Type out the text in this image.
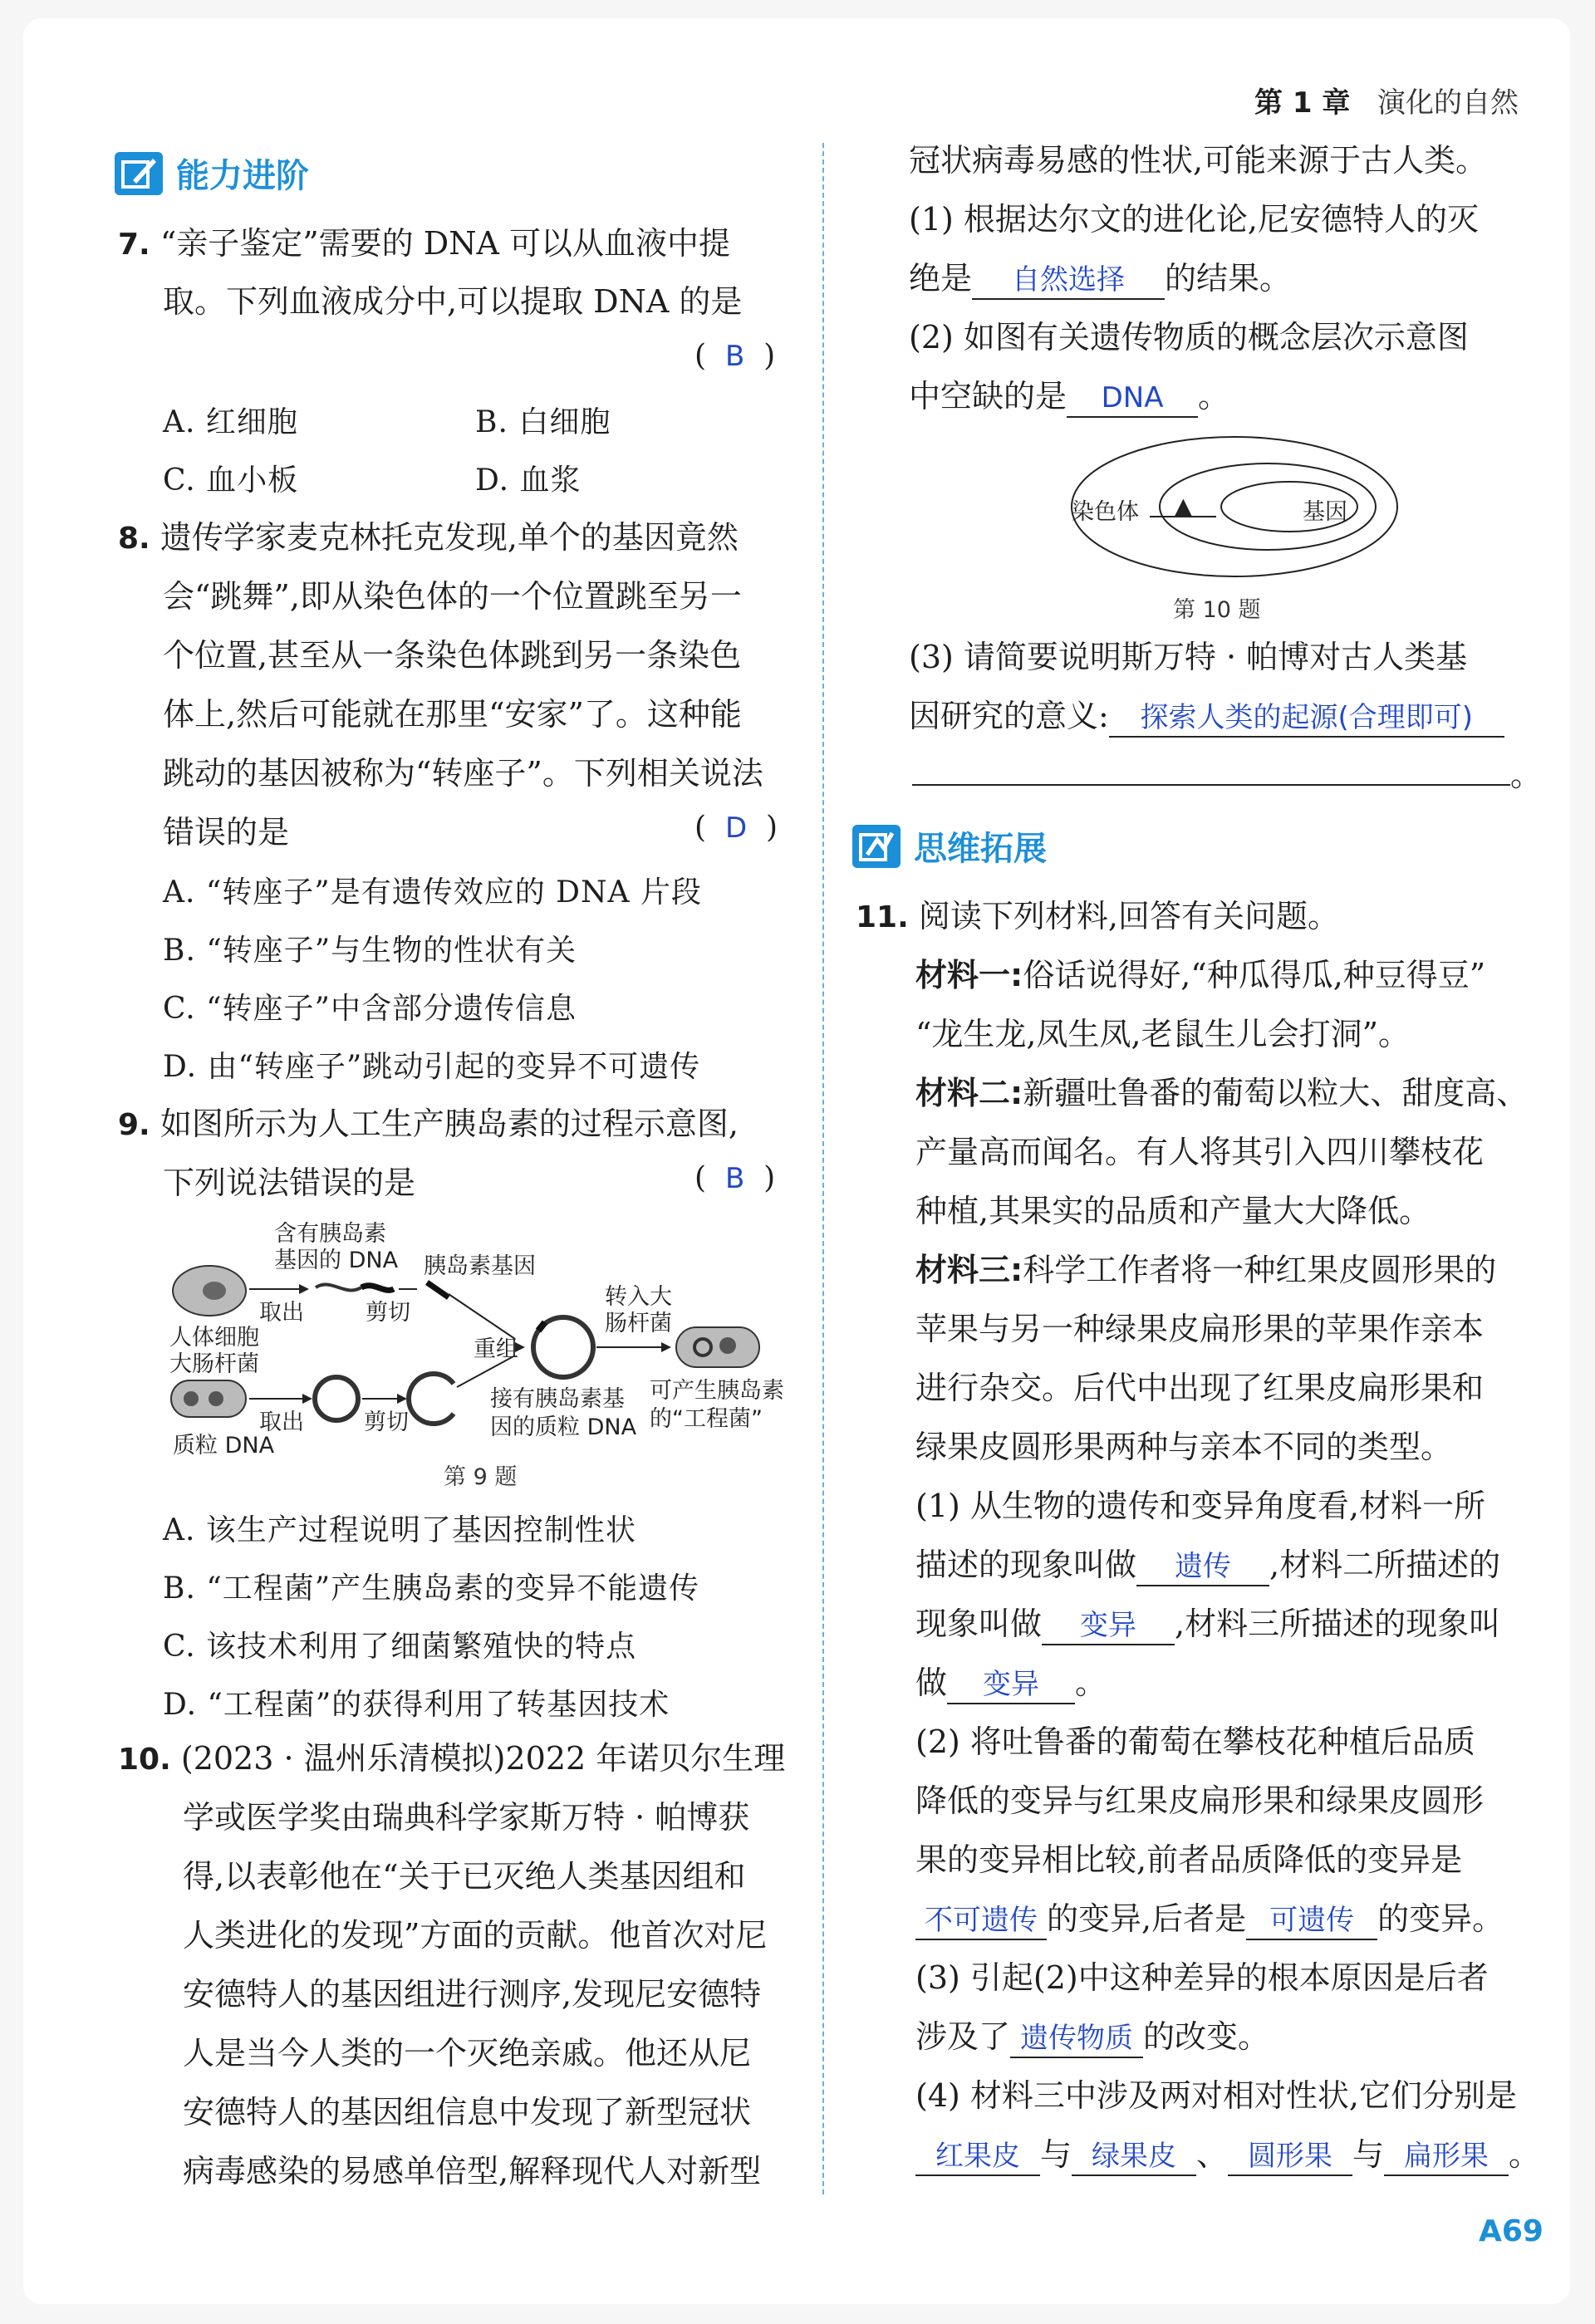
第 1 章 演化的自然
能力进阶
7. “亲子鉴定”需要的 DNA 可以从血液中提
取。下列血液成分中,可以提取 DNA 的是
( B )
A. 红细胞	B. 白细胞
C. 血小板	D. 血浆
8. 遗传学家麦克林托克发现,单个的基因竟然
会“跳舞”,即从染色体的一个位置跳至另一
个位置,甚至从一条染色体跳到另一条染色
体上,然后可能就在那里“安家”了。这种能
跳动的基因被称为“转座子”。下列相关说法
错误的是	( D )
A. “转座子”是有遗传效应的 DNA 片段
B. “转座子”与生物的性状有关
C. “转座子”中含部分遗传信息
D. 由“转座子”跳动引起的变异不可遗传
9. 如图所示为人工生产胰岛素的过程示意图,
下列说法错误的是	( B )
含有胰岛素
基因的 DNA 胰岛素基因
取出	剪切
人体细胞
大肠杆菌
取出	剪切
质粒 DNA
重组
转入大
肠杆菌
接有胰岛素基
因的质粒 DNA
可产生胰岛素
的“工程菌”
第 9 题
A. 该生产过程说明了基因控制性状
B. “工程菌”产生胰岛素的变异不能遗传
C. 该技术利用了细菌繁殖快的特点
D. “工程菌”的获得利用了转基因技术
10. (2023 · 温州乐清模拟)2022 年诺贝尔生理
学或医学奖由瑞典科学家斯万特 · 帕博获
得,以表彰他在“关于已灭绝人类基因组和
人类进化的发现”方面的贡献。他首次对尼
安德特人的基因组进行测序,发现尼安德特
人是当今人类的一个灭绝亲戚。他还从尼
安德特人的基因组信息中发现了新型冠状
病毒感染的易感单倍型,解释现代人对新型
冠状病毒易感的性状,可能来源于古人类。
(1) 根据达尔文的进化论,尼安德特人的灭
绝是 自然选择 的结果。
(2) 如图有关遗传物质的概念层次示意图
中空缺的是 DNA 。
染色体 ▲	基因
第 10 题
(3) 请简要说明斯万特 · 帕博对古人类基
因研究的意义: 探索人类的起源(合理即可)
。
思维拓展
11. 阅读下列材料,回答有关问题。
材料一:俗话说得好,“种瓜得瓜,种豆得豆”
“龙生龙,凤生凤,老鼠生儿会打洞”。
材料二:新疆吐鲁番的葡萄以粒大、甜度高、
产量高而闻名。有人将其引入四川攀枝花
种植,其果实的品质和产量大大降低。
材料三:科学工作者将一种红果皮圆形果的
苹果与另一种绿果皮扁形果的苹果作亲本
进行杂交。后代中出现了红果皮扁形果和
绿果皮圆形果两种与亲本不同的类型。
(1) 从生物的遗传和变异角度看,材料一所
描述的现象叫做 遗传 ,材料二所描述的
现象叫做 变异 ,材料三所描述的现象叫
做 变异 。
(2) 将吐鲁番的葡萄在攀枝花种植后品质
降低的变异与红果皮扁形果和绿果皮圆形
果的变异相比较,前者品质降低的变异是
不可遗传 的变异,后者是 可遗传 的变异。
(3) 引起(2)中这种差异的根本原因是后者
涉及了 遗传物质 的改变。
(4) 材料三中涉及两对相对性状,它们分别是
红果皮 与 绿果皮 、 圆形果 与 扁形果 。
A69
